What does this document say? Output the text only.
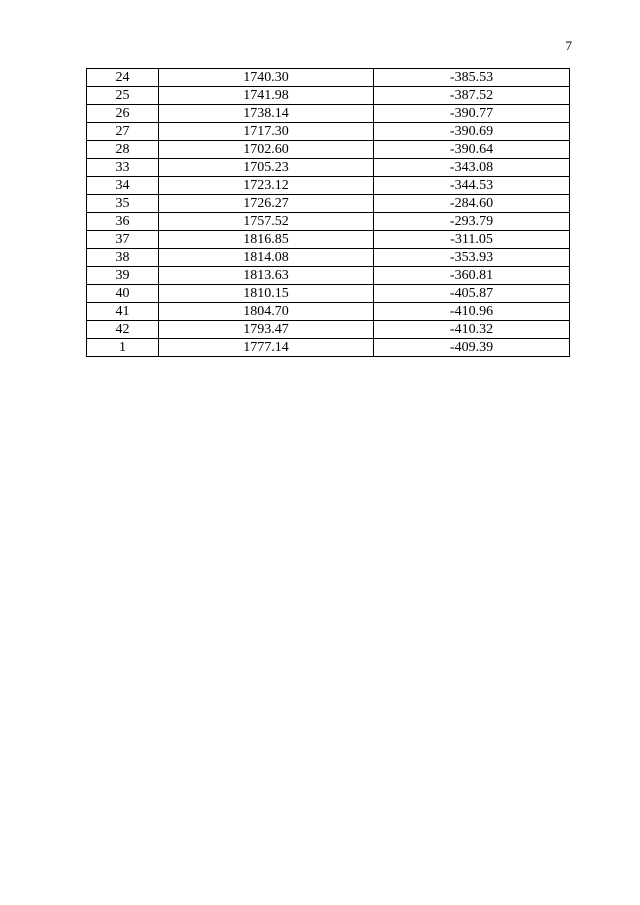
7
24	1740.30	-385.53
25	1741.98	-387.52
26	1738.14	-390.77
27	1717.30	-390.69
28	1702.60	-390.64
33	1705.23	-343.08
34	1723.12	-344.53
35	1726.27	-284.60
36	1757.52	-293.79
37	1816.85	-311.05
38	1814.08	-353.93
39	1813.63	-360.81
40	1810.15	-405.87
41	1804.70	-410.96
42	1793.47	-410.32
1	1777.14	-409.39
